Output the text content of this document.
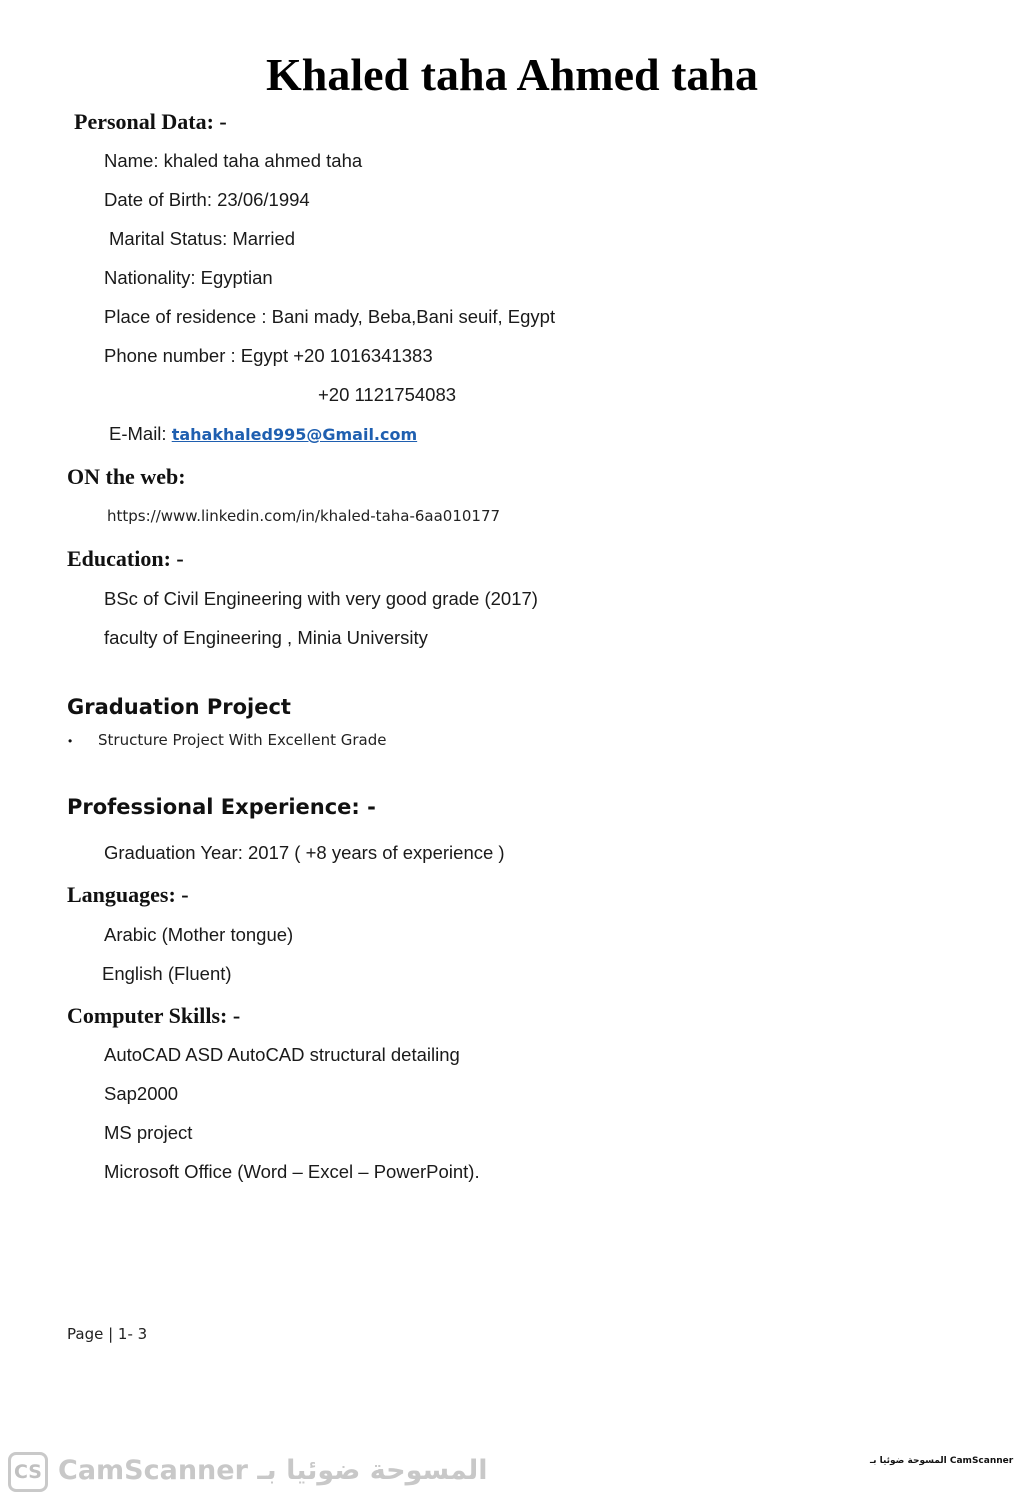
Khaled taha Ahmed taha
Personal Data: -
Name: khaled taha ahmed taha
Date of Birth: 23/06/1994
Marital Status: Married
Nationality: Egyptian
Place of residence : Bani mady, Beba,Bani seuif, Egypt
Phone number : Egypt +20 1016341383
+20 1121754083
E-Mail: tahakhaled995@Gmail.com
ON the web:
https://www.linkedin.com/in/khaled-taha-6aa010177
Education: -
BSc of Civil Engineering with very good grade (2017)
faculty of Engineering , Minia University
Graduation Project
• Structure Project With Excellent Grade
Professional Experience: -
Graduation Year: 2017 ( +8 years of experience )
Languages: -
Arabic (Mother tongue)
English (Fluent)
Computer Skills: -
AutoCAD ASD AutoCAD structural detailing
Sap2000
MS project
Microsoft Office (Word – Excel – PowerPoint).
Page | 1- 3
المسوحة ضوئيا بـ CamScanner
CS CamScanner المسوحة ضوئيا بـ
